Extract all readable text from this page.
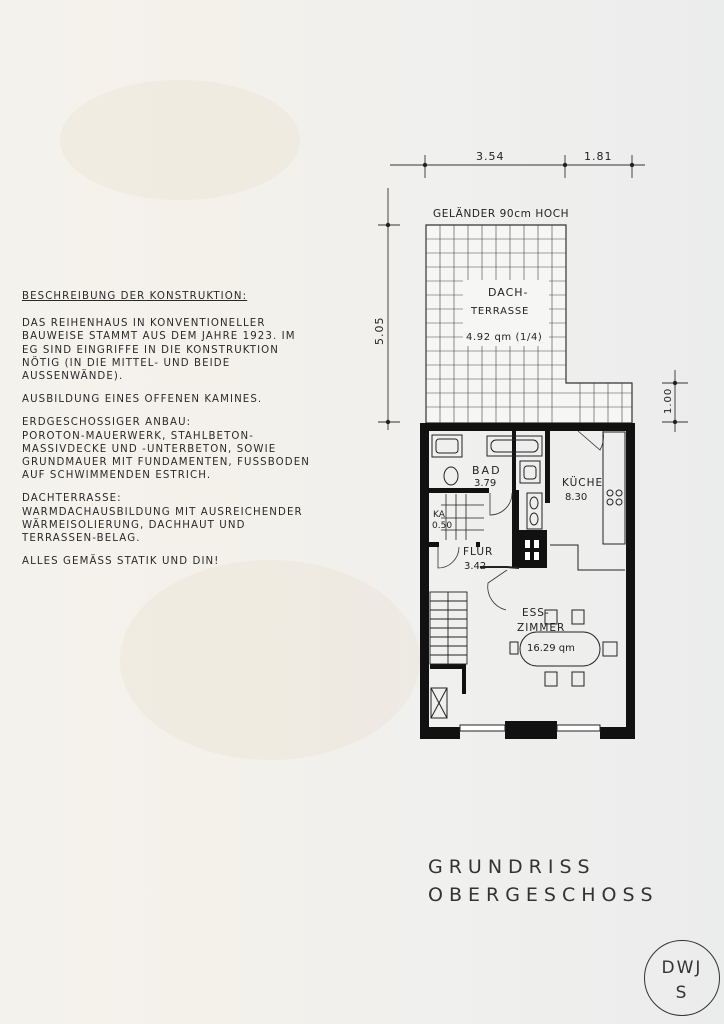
BESCHREIBUNG DER KONSTRUKTION:

DAS REIHENHAUS IN KONVENTIONELLER BAUWEISE STAMMT AUS DEM JAHRE 1923. IM EG SIND EINGRIFFE IN DIE KONSTRUKTION NÖTIG (IN DIE MITTEL- UND BEIDE AUSSENWÄNDE).

AUSBILDUNG EINES OFFENEN KAMINES.

ERDGESCHOSSIGER ANBAU:

POROTON-MAUERWERK, STAHLBETON-MASSIVDECKE UND -UNTERBETON, SOWIE GRUNDMAUER MIT FUNDAMENTEN, FUSSBODEN AUF SCHWIMMENDEN ESTRICH.

DACHTERRASSE:

WARMDACHAUSBILDUNG MIT AUSREICHENDER WÄRMEISOLIERUNG, DACHHAUT UND TERRASSEN-BELAG.

ALLES GEMÄSS STATIK UND DIN!

3.54	1.81
5.05
1.00
GELÄNDER 90cm HOCH
DACH-
TERRASSE
4.92 qm (1/4)
BAD
3.79
KA
0.50
KÜCHE
8.30
FLUR
3.42
ESS-
ZIMMER
16.29 qm
GRUNDRISS
OBERGESCHOSS
DWJ
S
